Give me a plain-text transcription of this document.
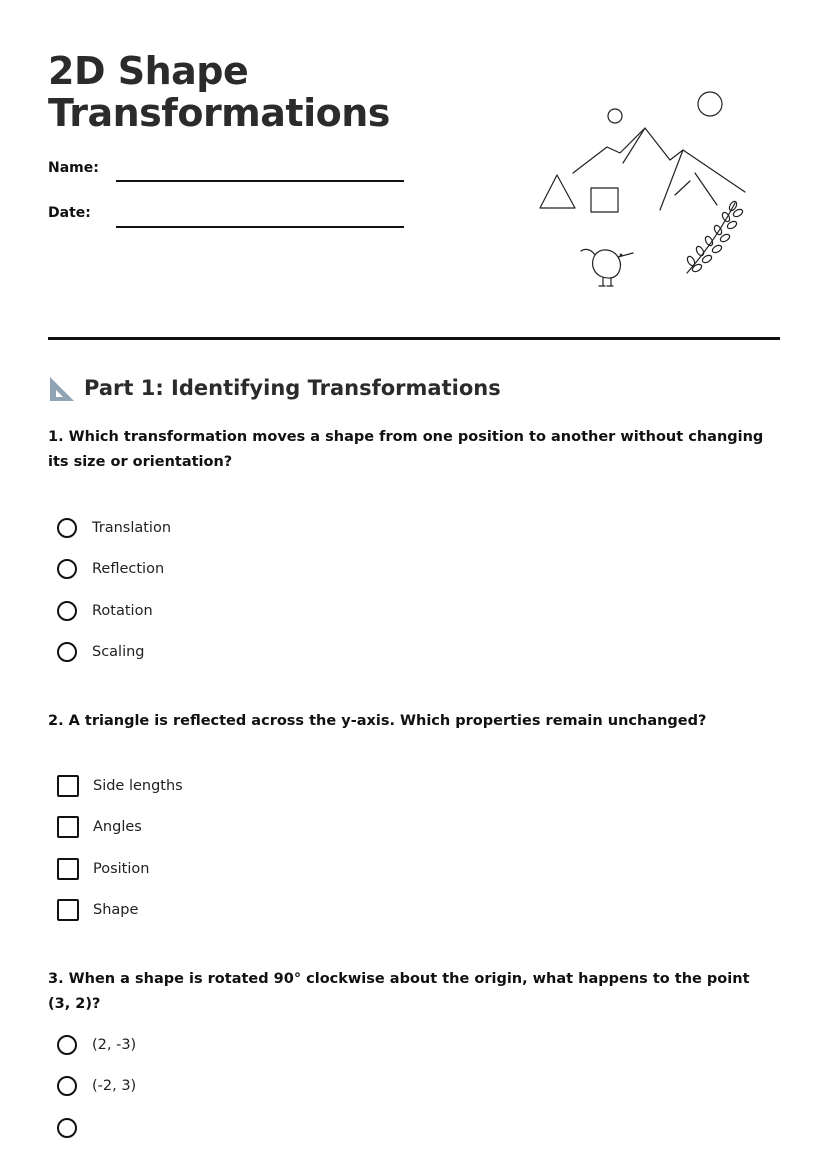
2D Shape Transformations
Name:
Date:
Part 1: Identifying Transformations

1. Which transformation moves a shape from one position to another without changing its size or orientation?

Translation
Reflection
Rotation
Scaling

2. A triangle is reflected across the y-axis. Which properties remain unchanged?

Side lengths
Angles
Position
Shape

3. When a shape is rotated 90° clockwise about the origin, what happens to the point (3, 2)?

(2, -3)
(-2, 3)
